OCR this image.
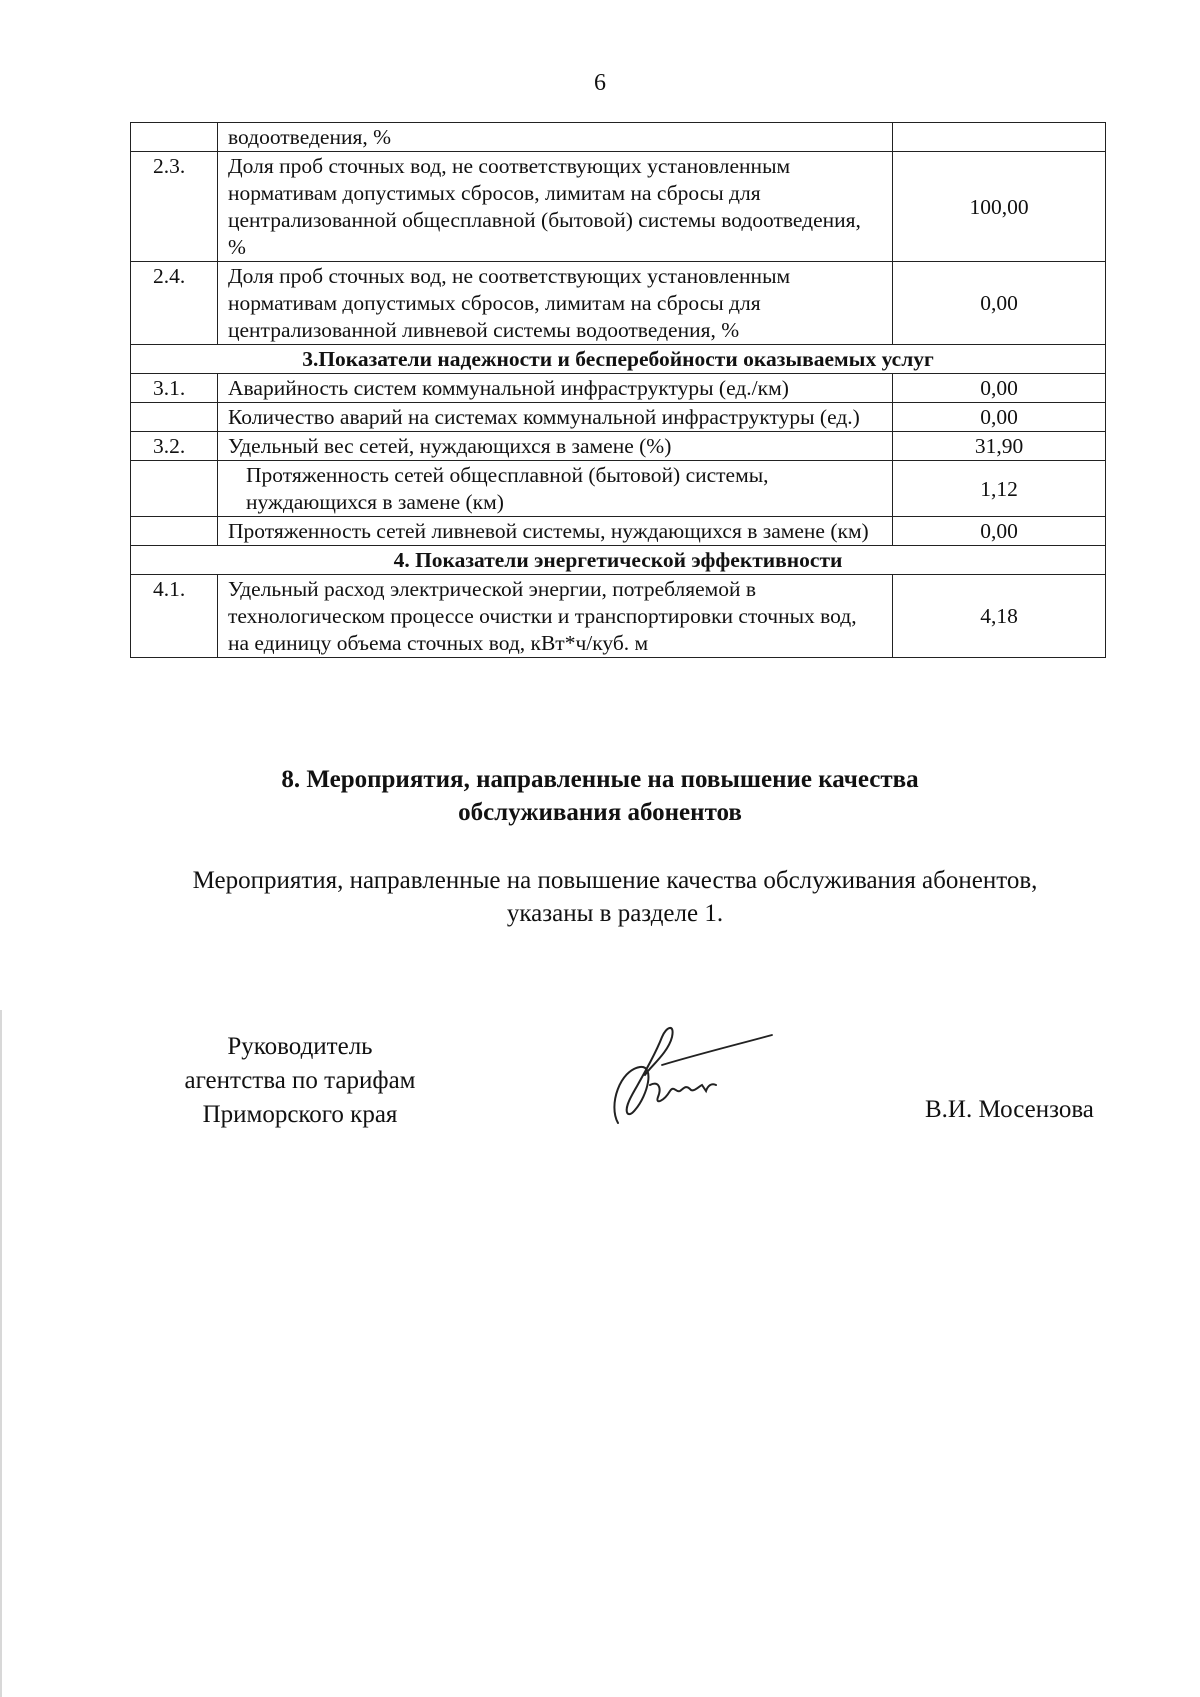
6
	водоотведения, %	
2.3.	Доля проб сточных вод, не соответствующих установленным нормативам допустимых сбросов, лимитам на сбросы для централизованной общесплавной (бытовой) системы водоотведения, %	100,00
2.4.	Доля проб сточных вод, не соответствующих установленным нормативам допустимых сбросов, лимитам на сбросы для централизованной ливневой системы водоотведения, %	0,00
3.Показатели надежности и бесперебойности оказываемых услуг		
3.1.	Аварийность систем коммунальной инфраструктуры (ед./км)	0,00
	Количество аварий на системах коммунальной инфраструктуры (ед.)	0,00
3.2.	Удельный вес сетей, нуждающихся в замене (%)	31,90
	Протяженность сетей общесплавной (бытовой) системы, нуждающихся в замене (км)	1,12
	Протяженность сетей ливневой системы, нуждающихся в замене (км)	0,00
4. Показатели энергетической эффективности		
4.1.	Удельный расход электрической энергии, потребляемой в технологическом процессе очистки и транспортировки сточных вод, на единицу объема сточных вод, кВт*ч/куб. м	4,18
8. Мероприятия, направленные на повышение качества
обслуживания абонентов
Мероприятия, направленные на повышение качества обслуживания абонентов,
указаны в разделе 1.
Руководитель
агентства по тарифам
Приморского края	В.И. Мосензова
